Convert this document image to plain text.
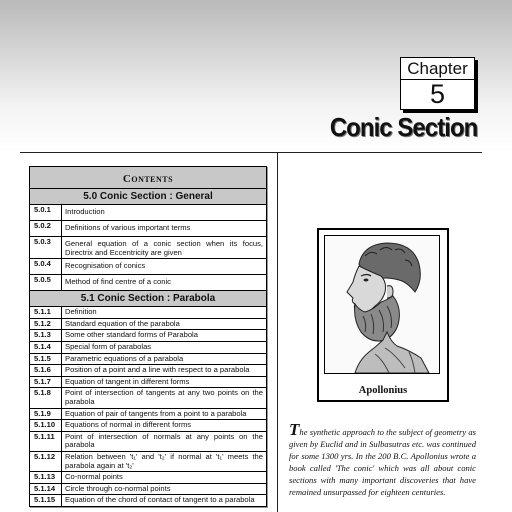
Chapter
5
Conic Section
Contents
5.0 Conic Section : General
5.0.1	Introduction
5.0.2	Definitions of various important terms
5.0.3	General equation of a conic section when its focus, Directrix and Eccentricity are given
5.0.4	Recognisation of conics
5.0.5	Method of find centre of a conic
5.1 Conic Section : Parabola
5.1.1	Definition
5.1.2	Standard equation of the parabola
5.1.3	Some other standard forms of Parabola
5.1.4	Special form of parabolas
5.1.5	Parametric equations of a parabola
5.1.6	Position of a point and a line with respect to a parabola
5.1.7	Equation of tangent in different forms
5.1.8	Point of intersection of tangents at any two points on the parabola
5.1.9	Equation of pair of tangents from a point to a parabola
5.1.10	Equations of normal in different forms
5.1.11	Point of intersection of normals at any points on the parabola
5.1.12	Relation between 't₁' and 't₂' if normal at 't₁' meets the parabola again at 't₂'
5.1.13	Co-normal points
5.1.14	Circle through co-normal points
5.1.15	Equation of the chord of contact of tangent to a parabola
Apollonius
The synthetic approach to the subject of geometry as given by Euclid and in Sulbasutras etc. was continued for some 1300 yrs. In the 200 B.C. Apollonius wrote a book called 'The conic' which was all about conic sections with many important discoveries that have remained unsurpassed for eighteen centuries.
